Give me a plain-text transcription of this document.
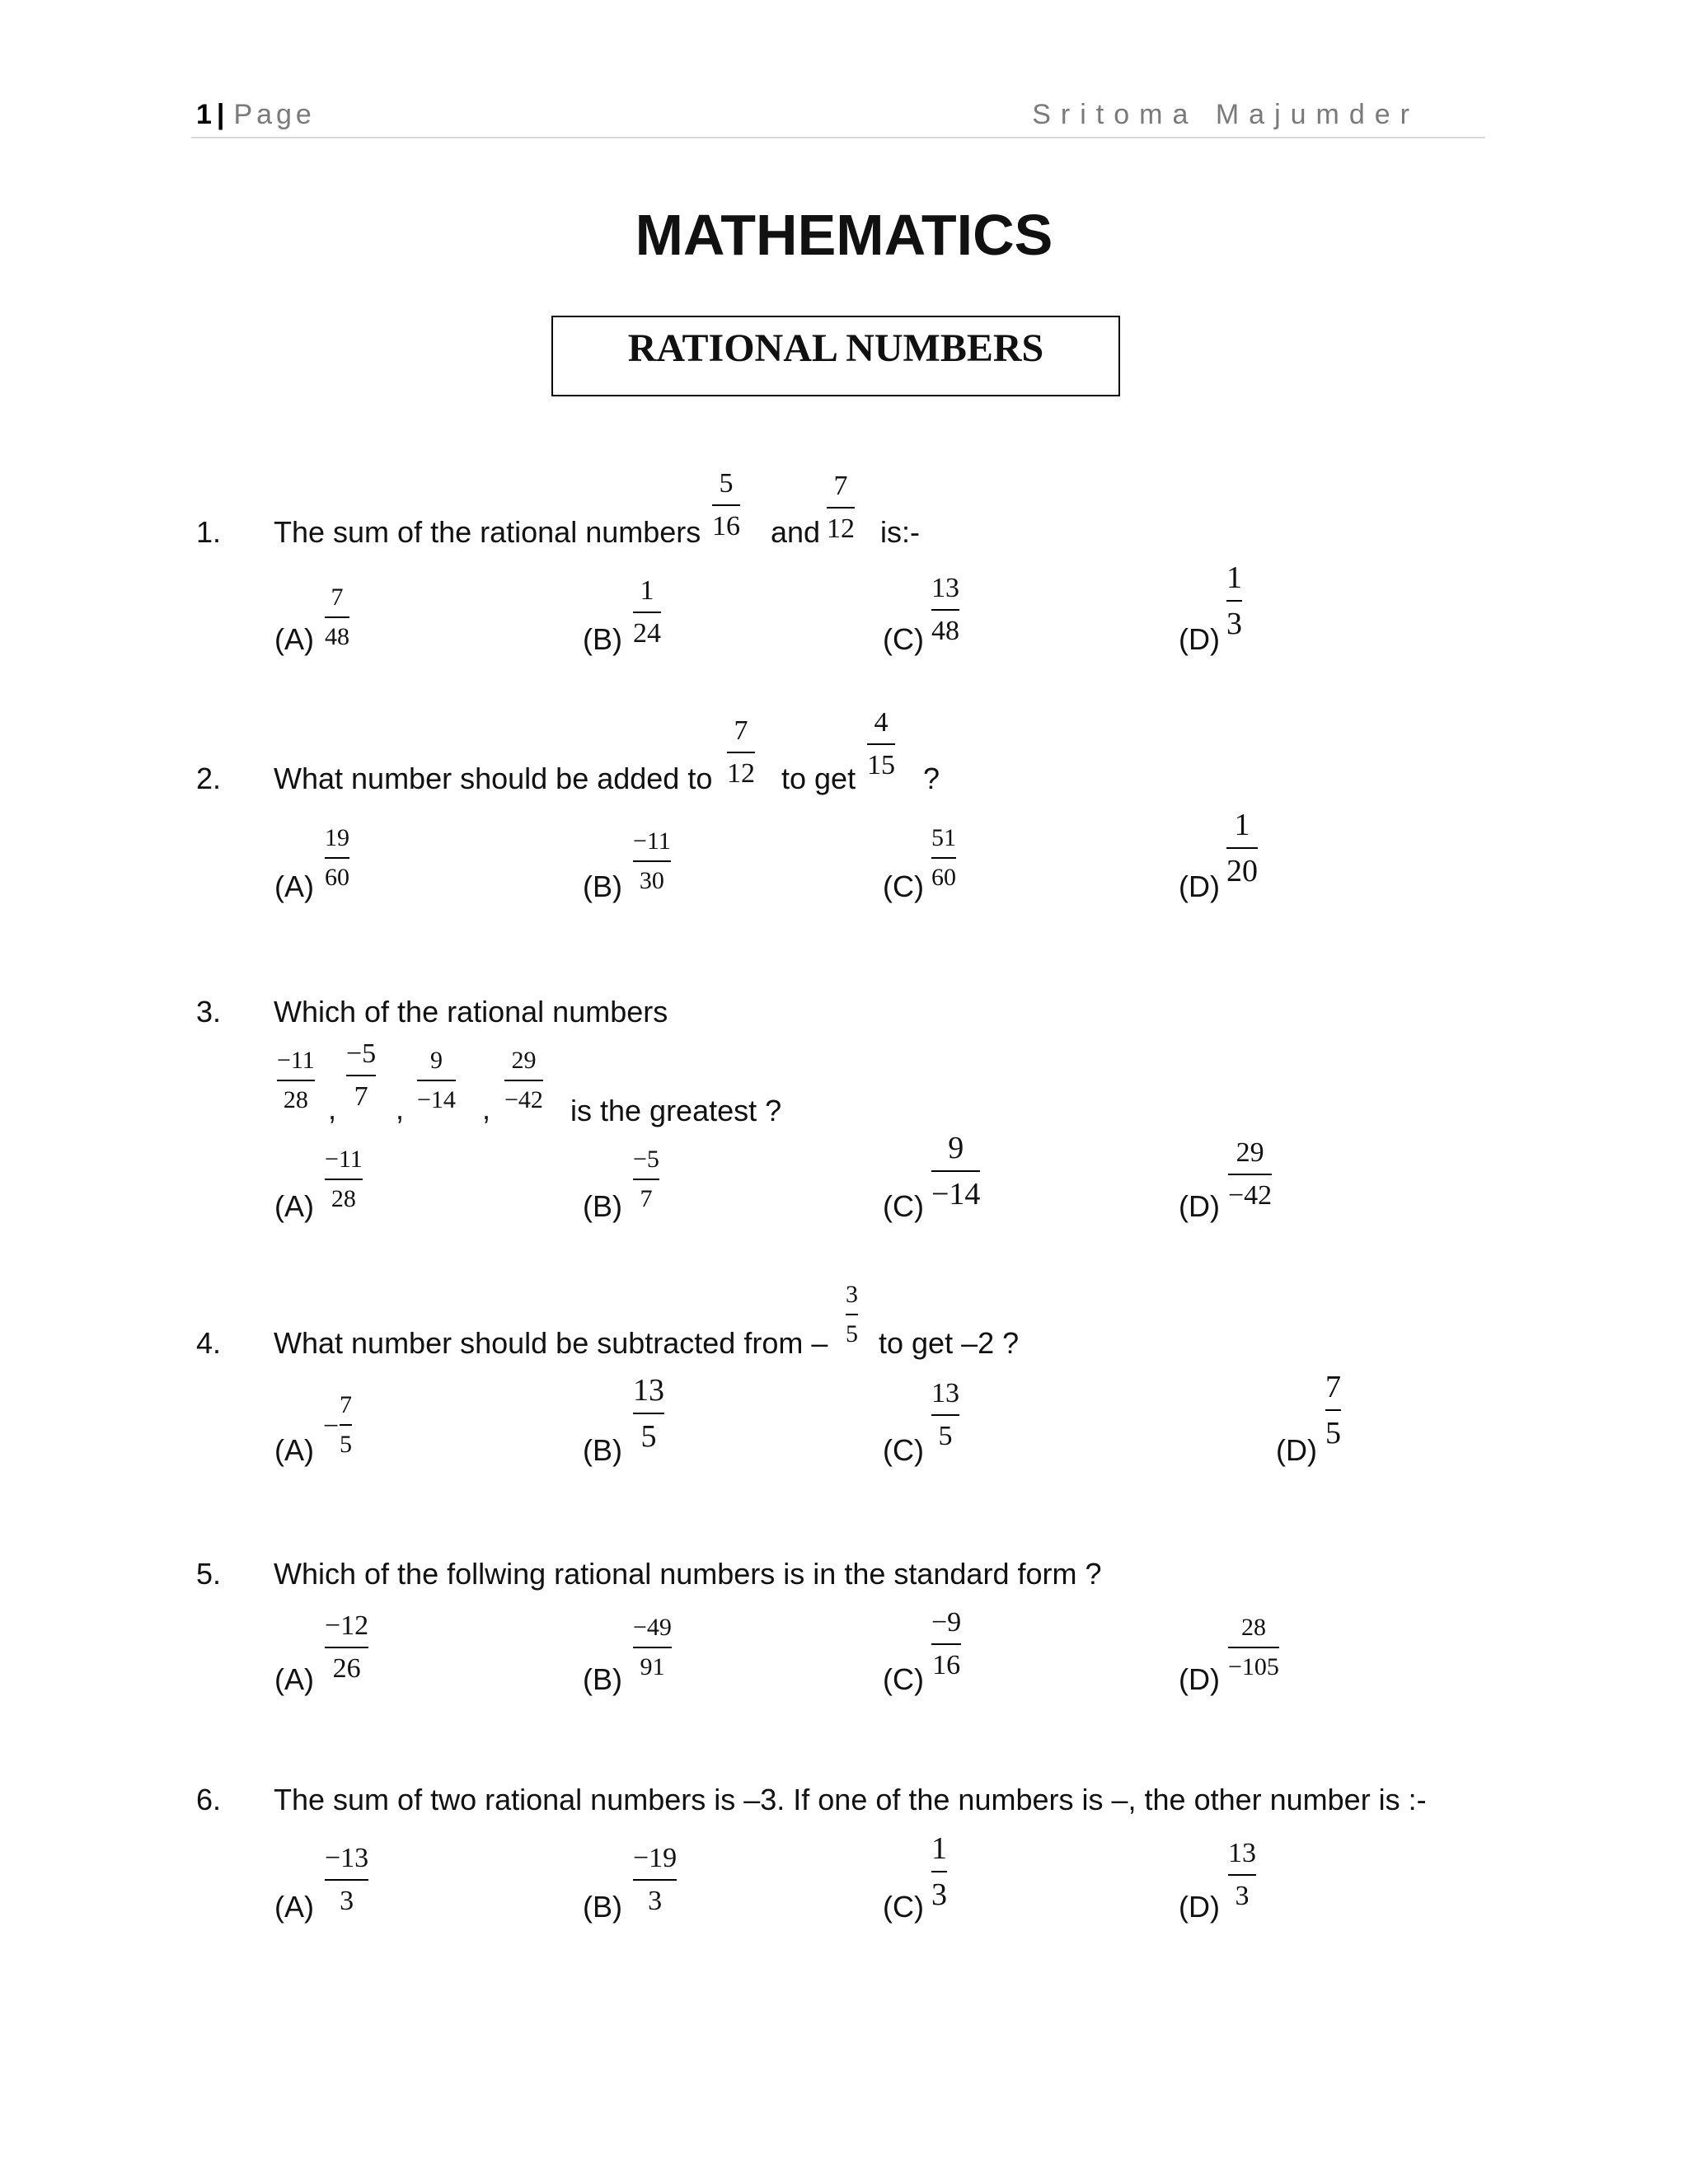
1 | Page	Sritoma Majumder
MATHEMATICS
RATIONAL NUMBERS
1. The sum of the rational numbers $\frac{5}{16}$ and $\frac{7}{12}$ is:-
$(A) \frac{7}{48}$	$(B) \frac{1}{24}$	$(C) \frac{13}{48}$	$(D) \frac{1}{3}$
2. What number should be added to $\frac{7}{12}$ to get $\frac{4}{15}$ ?
$(A) \frac{19}{60}$	$(B) \frac{-11}{30}$	$(C) \frac{51}{60}$	$(D) \frac{1}{20}$
3. Which of the rational numbers
$\frac{-11}{28}$ , $\frac{-5}{7}$ , $\frac{9}{-14}$ , $\frac{29}{-42}$ is the greatest ?
$(A) \frac{-11}{28}$	$(B) \frac{-5}{7}$	$(C) \frac{9}{-14}$	$(D) \frac{29}{-42}$
4. What number should be subtracted from – $\frac{3}{5}$ to get –2 ?
(A)
− $\frac{7}{5}$	$(B) \frac{13}{5}$	$(C) \frac{13}{5}$	(D)
$\frac{7}{5}$
5. Which of the follwing rational numbers is in the standard form ?
$(A) \frac{-12}{26}$	$(B) \frac{-49}{91}$	$(C) \frac{-9}{16}$	$(D) \frac{28}{-105}$
6. The sum of two rational numbers is –3. If one of the numbers is –, the other number is :-
$(A) \frac{-13}{3}$	$(B) \frac{-19}{3}$	$(C) \frac{1}{3}$	$(D) \frac{13}{3}$
